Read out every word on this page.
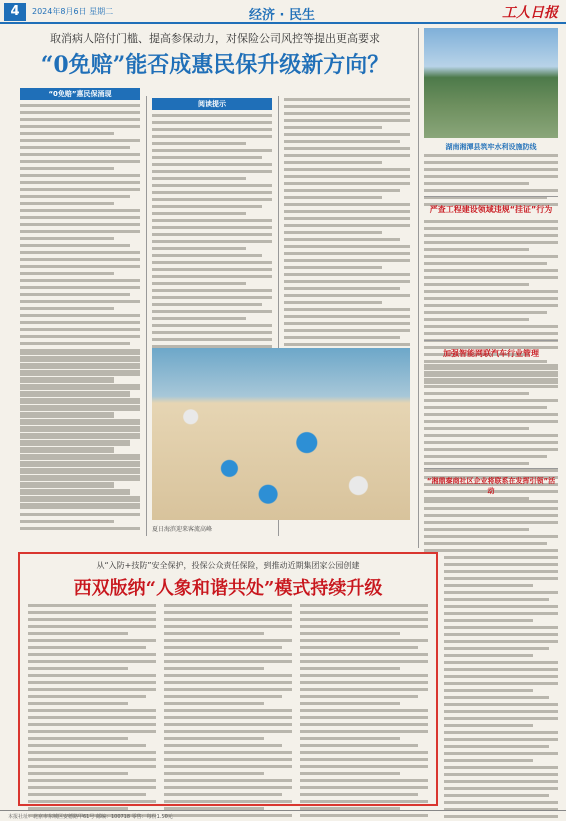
4	2024年8月6日 星期二	经济 · 民生	工人日报
取消病人陪付门槛、提高参保动力，对保险公司风控等提出更高要求
“0免赔”能否成惠民保升级新方向？
“0免赔”惠民保涌现
阅读提示
夏日海滨迎来客流高峰
湖南湘潭县筑牢水利设施防线
严查工程建设领域违规“挂证”行为
加强智能网联汽车行业管理
“湘鼎秦商社区企业将联系在发挥引领”活动
从“入防+技防”安全保护，投保公众责任保险，到推动近期集团家公园创建
西双版纳“人象和谐共处”模式持续升级
本报社址：北京市东城区安德路甲61号 邮编：100718 零售：每份1.50元
